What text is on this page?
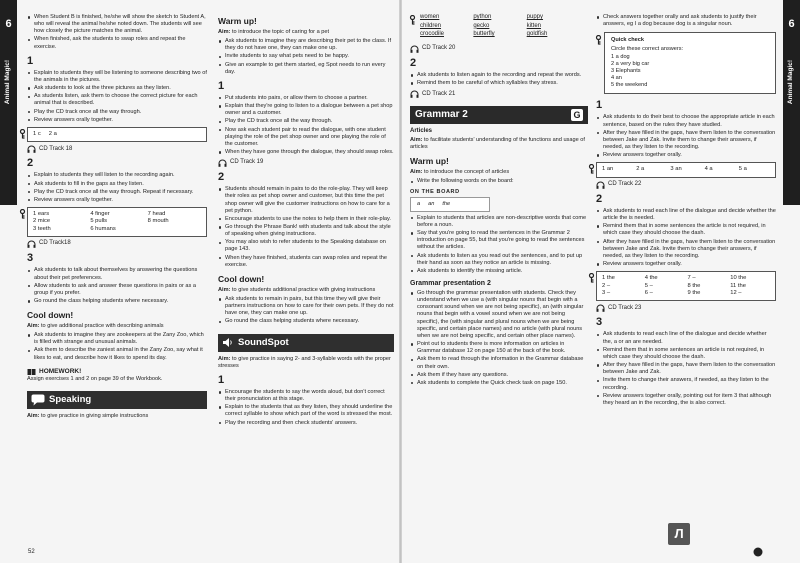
6
Animal Magic!
6
Animal Magic!
When Student B is finished, he/she will show the sketch to Student A, who will reveal the animal he/she noted down. The students will see how closely the picture matches the animal.
When finished, ask the students to swap roles and repeat the exercise.
1
Explain to students they will be listening to someone describing two of the animals in the pictures.
Ask students to look at the three pictures as they listen.
As students listen, ask them to choose the correct picture for each animal that is described.
Play the CD track once all the way through.
Review answers orally together.
1 c 2 a
CD Track 18
2
Explain to students they will listen to the recording again.
Ask students to fill in the gaps as they listen.
Play the CD track once all the way through. Repeat if necessary.
Review answers orally together.
1 ears	4 finger	7 head
2 mice	5 pulls	8 mouth
3 teeth	6 humans
CD Track18
3
Ask students to talk about themselves by answering the questions about their pet preferences.
Allow students to ask and answer these questions in pairs or as a group if you prefer.
Go round the class helping students where necessary.
Cool down!

Aim: to give additional practice with describing animals

Ask students to imagine they are zookeepers at the Zany Zoo, which is filled with strange and unusual animals.
Ask them to describe the zaniest animal in the Zany Zoo, say what it likes to eat, and describe how it likes to spend its day.
HOMEWORK!

Assign exercises 1 and 2 on page 39 of the Workbook.

Speaking

Aim: to give practice in giving simple instructions

Warm up!

Aim: to introduce the topic of caring for a pet

Ask students to imagine they are describing their pet to the class. If they do not have one, they can make one up.
Invite students to say what pets need to be happy.
Give an example to get them started, eg Spot needs to run every day.
1
Put students into pairs, or allow them to choose a partner.
Explain that they're going to listen to a dialogue between a pet shop owner and a customer.
Play the CD track once all the way through.
Now ask each student pair to read the dialogue, with one student playing the role of the pet shop owner and one playing the role of the customer.
When they have gone through the dialogue, they should swap roles.
CD Track 19
2
Students should remain in pairs to do the role-play. They will keep their roles as pet shop owner and customer, but this time the pet shop owner will give the customer instructions on how to care for a pet python.
Encourage students to use the notes to help them in their role-play.
Go through the Phrase Bank! with students and talk about the style of speaking when giving instructions.
You may also wish to refer students to the Speaking database on page 143.
When they have finished, students can swap roles and repeat the exercise.
Cool down!

Aim: to give students additional practice with giving instructions

Ask students to remain in pairs, but this time they will give their partners instructions on how to care for their own pets. If they do not have one, they can make one up.
Go round the class helping students where necessary.
SoundSpot

Aim: to give practice in saying 2- and 3-syllable words with the proper stresses

1
Encourage the students to say the words aloud, but don't correct their pronunciation at this stage.
Explain to the students that as they listen, they should underline the correct syllable to show which part of the word is stressed the most.
Play the recording and then check students' answers.
women	python	puppy
children	gecko	kitten
crocodile	butterfly	goldfish
CD Track 20
2
Ask students to listen again to the recording and repeat the words.
Remind them to be careful of which syllables they stress.
CD Track 21
Grammar 2	G
Articles

Aim: to facilitate students' understanding of the functions and usage of articles

Warm up!

Aim: to introduce the concept of articles

Write the following words on the board:
ON THE BOARD
a an the
Explain to students that articles are non-descriptive words that come before a noun.
Say that you're going to read the sentences in the Grammar 2 introduction on page 55, but that you're going to read the sentences without the articles.
Ask students to listen as you read out the sentences, and to put up their hand as soon as they notice an article is missing.
Ask students to identify the missing article.
Grammar presentation 2
Go through the grammar presentation with students. Check they understand when we use a (with singular nouns that begin with a consonant sound when we are not being specific), an (with singular nouns that begin with a vowel sound when we are not being specific), the (with singular and plural nouns when we are being specific, and certain place names) and no article (with plural nouns when we are not being specific, and certain other place names).
Point out to students there is more information on articles in Grammar database 12 on page 150 at the back of the book.
Ask them to read through the information in the Grammar database on their own.
Ask them if they have any questions.
Ask students to complete the Quick check task on page 150.
Check answers together orally and ask students to justify their answers, eg I a dog because dog is a singular noun.
Quick check
Circle these correct answers:
1 a dog
2 a very big car
3 Elephants
4 an
5 the weekend
1
Ask students to do their best to choose the appropriate article in each sentence, based on the rules they have studied.
After they have filled in the gaps, have them listen to the conversation between Jake and Zak. Invite them to change their answers, if needed, as they listen to the recording.
Review answers together orally.
1 an	2 a	3 an	4 a	5 a
CD Track 22
2
Ask students to read each line of the dialogue and decide whether the article the is needed.
Remind them that in some sentences the article is not required, in which case they should choose the dash.
After they have filled in the gaps, have them listen to the conversation between Jake and Zak. Invite them to change their answers, if needed, as they listen to the recording.
Review answers together orally.
1 the	4 the	7 –	10 the
2 –	5 –	8 the	11 the
3 –	6 –	9 the	12 –
CD Track 23
3
Ask students to read each line of the dialogue and decide whether the, a or an are needed.
Remind them that in some sentences an article is not required, in which case they should choose the dash.
After they have filled in the gaps, have them listen to the conversation between Jake and Zak.
Invite them to change their answers, if needed, as they listen to the recording.
Review answers together orally, pointing out for item 3 that although they heard an in the recording, the is also correct.
52
Л
